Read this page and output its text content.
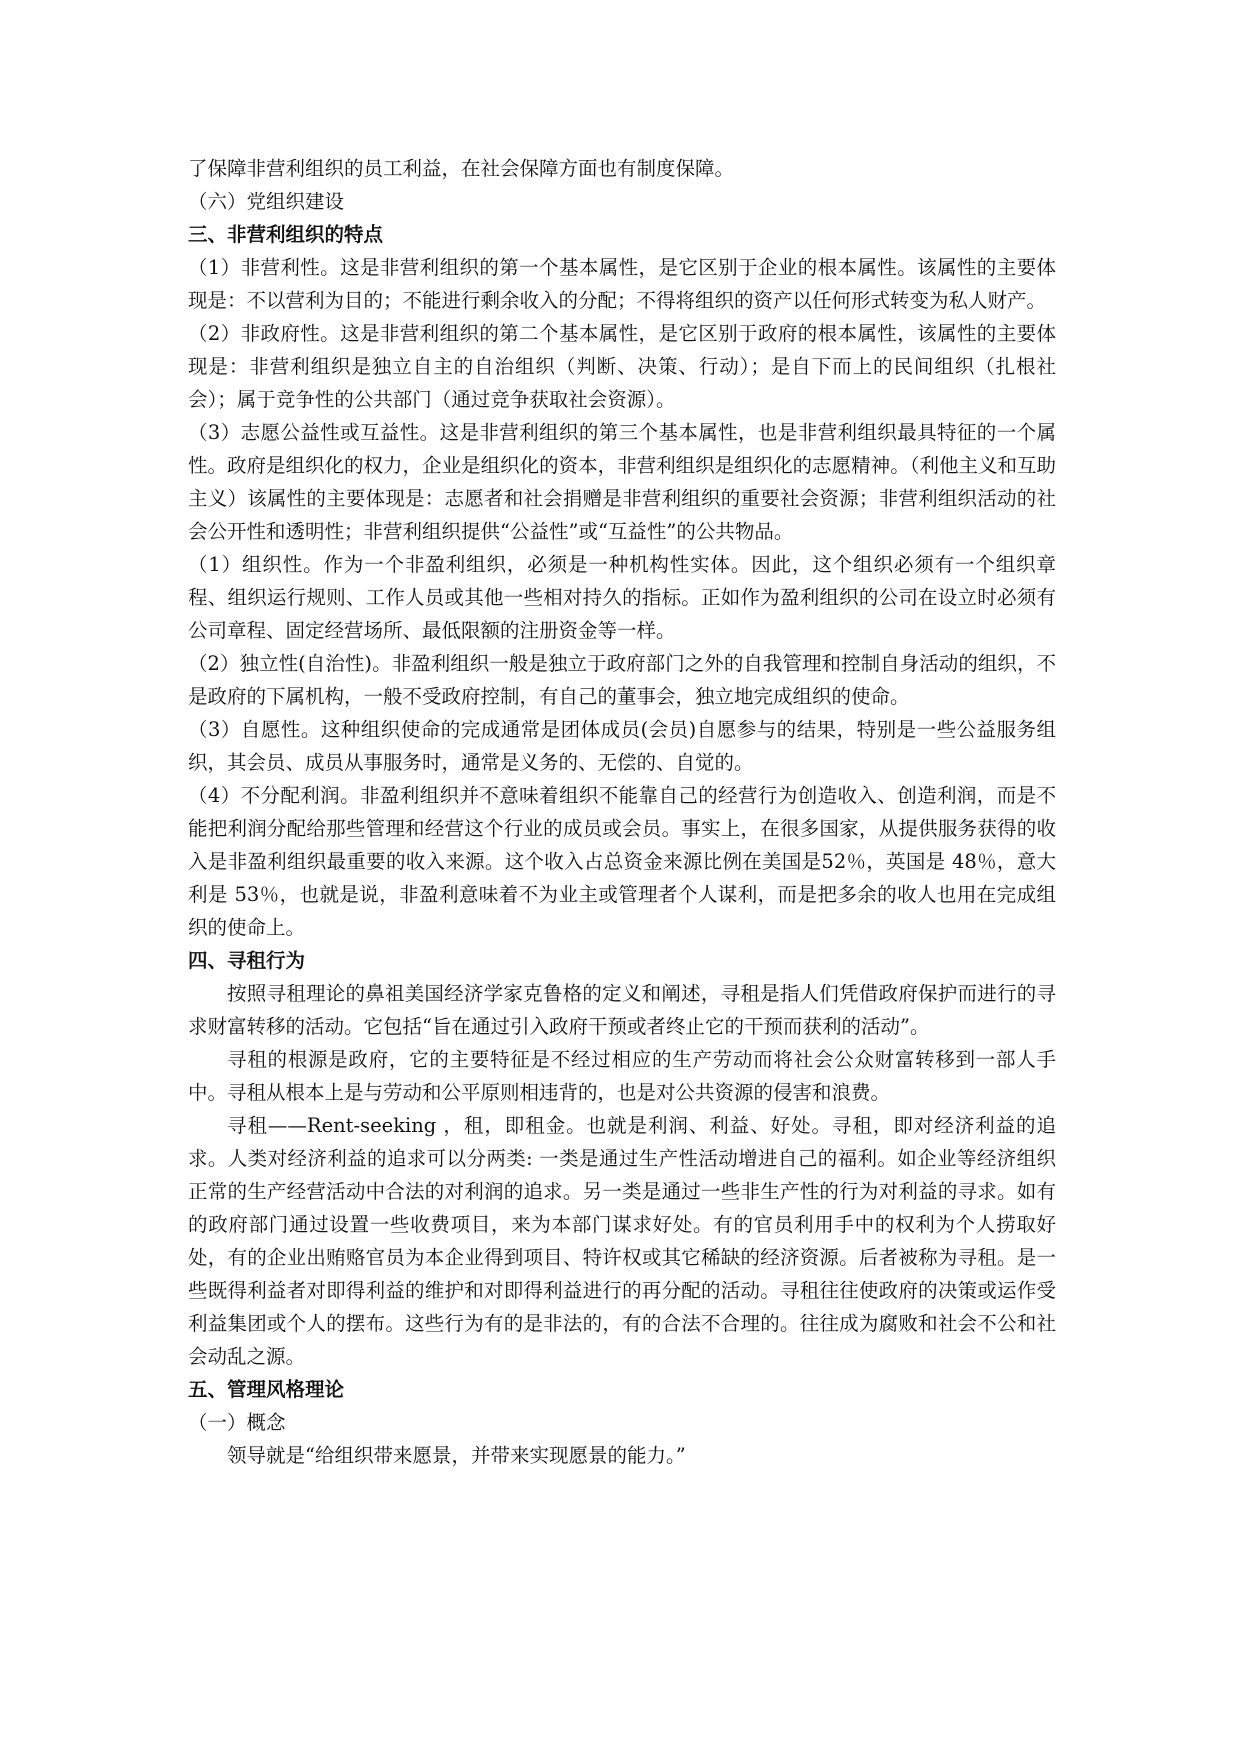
了保障非营利组织的员工利益，在社会保障方面也有制度保障。

（六）党组织建设

三、非营利组织的特点

（1）非营利性。这是非营利组织的第一个基本属性，是它区别于企业的根本属性。该属性的主要体现是：不以营利为目的；不能进行剩余收入的分配；不得将组织的资产以任何形式转变为私人财产。

（2）非政府性。这是非营利组织的第二个基本属性，是它区别于政府的根本属性，该属性的主要体现是：非营利组织是独立自主的自治组织（判断、决策、行动）；是自下而上的民间组织（扎根社会）；属于竞争性的公共部门（通过竞争获取社会资源）。

（3）志愿公益性或互益性。这是非营利组织的第三个基本属性，也是非营利组织最具特征的一个属性。政府是组织化的权力，企业是组织化的资本，非营利组织是组织化的志愿精神。（利他主义和互助主义）该属性的主要体现是：志愿者和社会捐赠是非营利组织的重要社会资源；非营利组织活动的社会公开性和透明性；非营利组织提供“公益性”或“互益性”的公共物品。

（1）组织性。作为一个非盈利组织，必须是一种机构性实体。因此，这个组织必须有一个组织章程、组织运行规则、工作人员或其他一些相对持久的指标。正如作为盈利组织的公司在设立时必须有公司章程、固定经营场所、最低限额的注册资金等一样。

（2）独立性(自治性)。非盈利组织一般是独立于政府部门之外的自我管理和控制自身活动的组织，不是政府的下属机构，一般不受政府控制，有自己的董事会，独立地完成组织的使命。

（3）自愿性。这种组织使命的完成通常是团体成员(会员)自愿参与的结果，特别是一些公益服务组织，其会员、成员从事服务时，通常是义务的、无偿的、自觉的。

（4）不分配利润。非盈利组织并不意味着组织不能靠自己的经营行为创造收入、创造利润，而是不能把利润分配给那些管理和经营这个行业的成员或会员。事实上，在很多国家，从提供服务获得的收入是非盈利组织最重要的收入来源。这个收入占总资金来源比例在美国是52％，英国是 48％，意大利是 53％，也就是说，非盈利意味着不为业主或管理者个人谋利，而是把多余的收人也用在完成组织的使命上。

四、寻租行为

按照寻租理论的鼻祖美国经济学家克鲁格的定义和阐述，寻租是指人们凭借政府保护而进行的寻求财富转移的活动。它包括“旨在通过引入政府干预或者终止它的干预而获利的活动”。

寻租的根源是政府，它的主要特征是不经过相应的生产劳动而将社会公众财富转移到一部人手中。寻租从根本上是与劳动和公平原则相违背的，也是对公共资源的侵害和浪费。

寻租——Rent-seeking ，租，即租金。也就是利润、利益、好处。寻租，即对经济利益的追求。人类对经济利益的追求可以分两类: 一类是通过生产性活动增进自己的福利。如企业等经济组织正常的生产经营活动中合法的对利润的追求。另一类是通过一些非生产性的行为对利益的寻求。如有的政府部门通过设置一些收费项目，来为本部门谋求好处。有的官员利用手中的权利为个人捞取好处，有的企业出贿赂官员为本企业得到项目、特许权或其它稀缺的经济资源。后者被称为寻租。是一些既得利益者对即得利益的维护和对即得利益进行的再分配的活动。寻租往往使政府的决策或运作受利益集团或个人的摆布。这些行为有的是非法的，有的合法不合理的。往往成为腐败和社会不公和社会动乱之源。

五、管理风格理论

（一）概念

领导就是“给组织带来愿景，并带来实现愿景的能力。”
